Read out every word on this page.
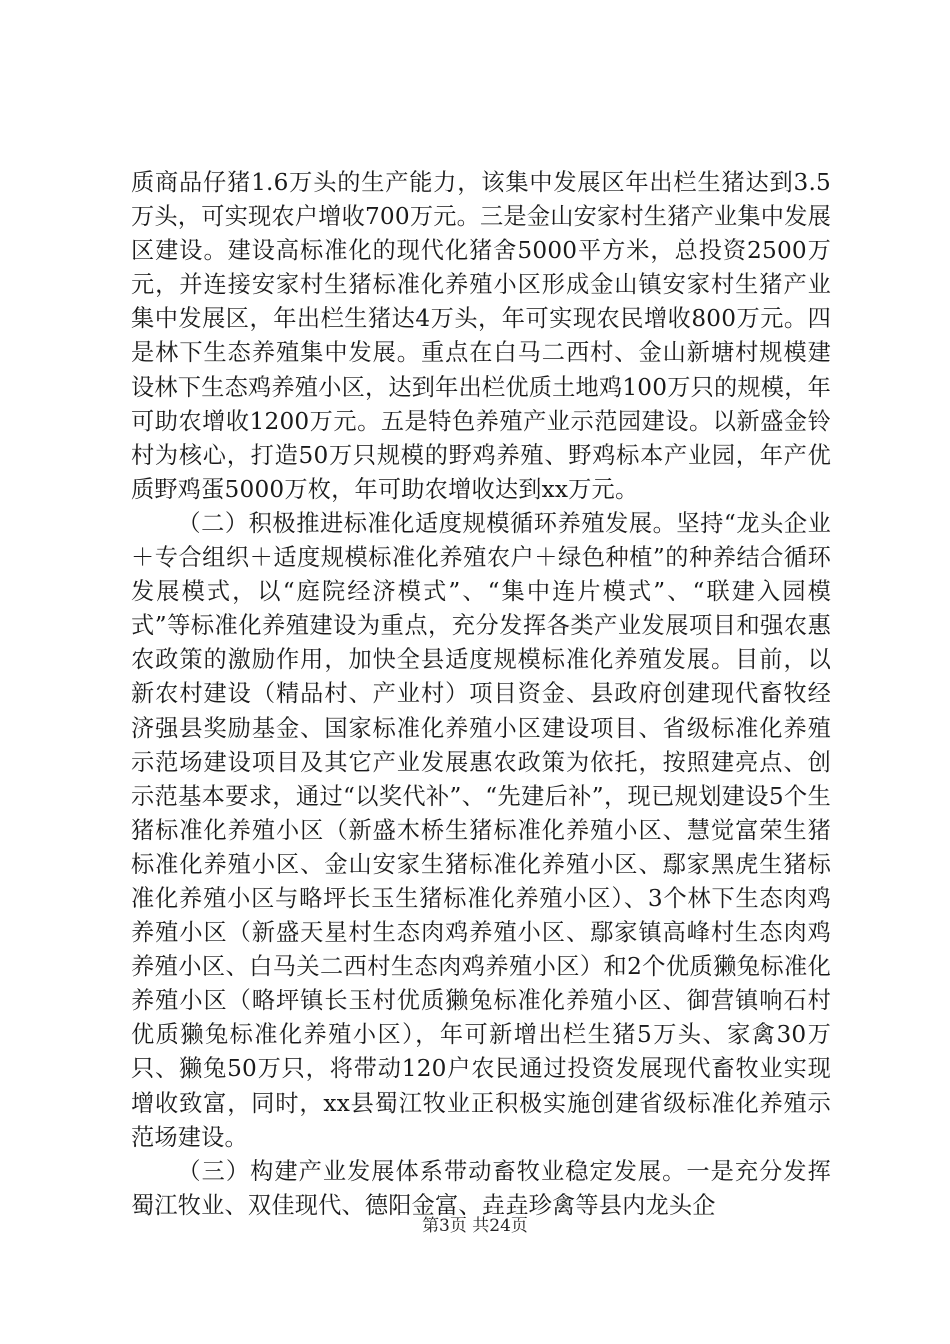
质商品仔猪1.6万头的生产能力，该集中发展区年出栏生猪达到3.5万头，可实现农户增收700万元。三是金山安家村生猪产业集中发展区建设。建设高标准化的现代化猪舍5000平方米，总投资2500万元，并连接安家村生猪标准化养殖小区形成金山镇安家村生猪产业集中发展区，年出栏生猪达4万头，年可实现农民增收800万元。四是林下生态养殖集中发展。重点在白马二西村、金山新塘村规模建设林下生态鸡养殖小区，达到年出栏优质土地鸡100万只的规模，年可助农增收1200万元。五是特色养殖产业示范园建设。以新盛金铃村为核心，打造50万只规模的野鸡养殖、野鸡标本产业园，年产优质野鸡蛋5000万枚，年可助农增收达到xx万元。

（二）积极推进标准化适度规模循环养殖发展。坚持“龙头企业＋专合组织＋适度规模标准化养殖农户＋绿色种植”的种养结合循环发展模式，以“庭院经济模式”、“集中连片模式”、“联建入园模式”等标准化养殖建设为重点，充分发挥各类产业发展项目和强农惠农政策的激励作用，加快全县适度规模标准化养殖发展。目前，以新农村建设（精品村、产业村）项目资金、县政府创建现代畜牧经济强县奖励基金、国家标准化养殖小区建设项目、省级标准化养殖示范场建设项目及其它产业发展惠农政策为依托，按照建亮点、创示范基本要求，通过“以奖代补”、“先建后补”，现已规划建设5个生猪标准化养殖小区（新盛木桥生猪标准化养殖小区、慧觉富荣生猪标准化养殖小区、金山安家生猪标准化养殖小区、鄢家黑虎生猪标准化养殖小区与略坪长玉生猪标准化养殖小区）、3个林下生态肉鸡养殖小区（新盛天星村生态肉鸡养殖小区、鄢家镇高峰村生态肉鸡养殖小区、白马关二西村生态肉鸡养殖小区）和2个优质獭兔标准化养殖小区（略坪镇长玉村优质獭兔标准化养殖小区、御营镇响石村优质獭兔标准化养殖小区），年可新增出栏生猪5万头、家禽30万只、獭兔50万只，将带动120户农民通过投资发展现代畜牧业实现增收致富，同时，xx县蜀江牧业正积极实施创建省级标准化养殖示范场建设。

（三）构建产业发展体系带动畜牧业稳定发展。一是充分发挥蜀江牧业、双佳现代、德阳金富、垚垚珍禽等县内龙头企

第3页 共24页
